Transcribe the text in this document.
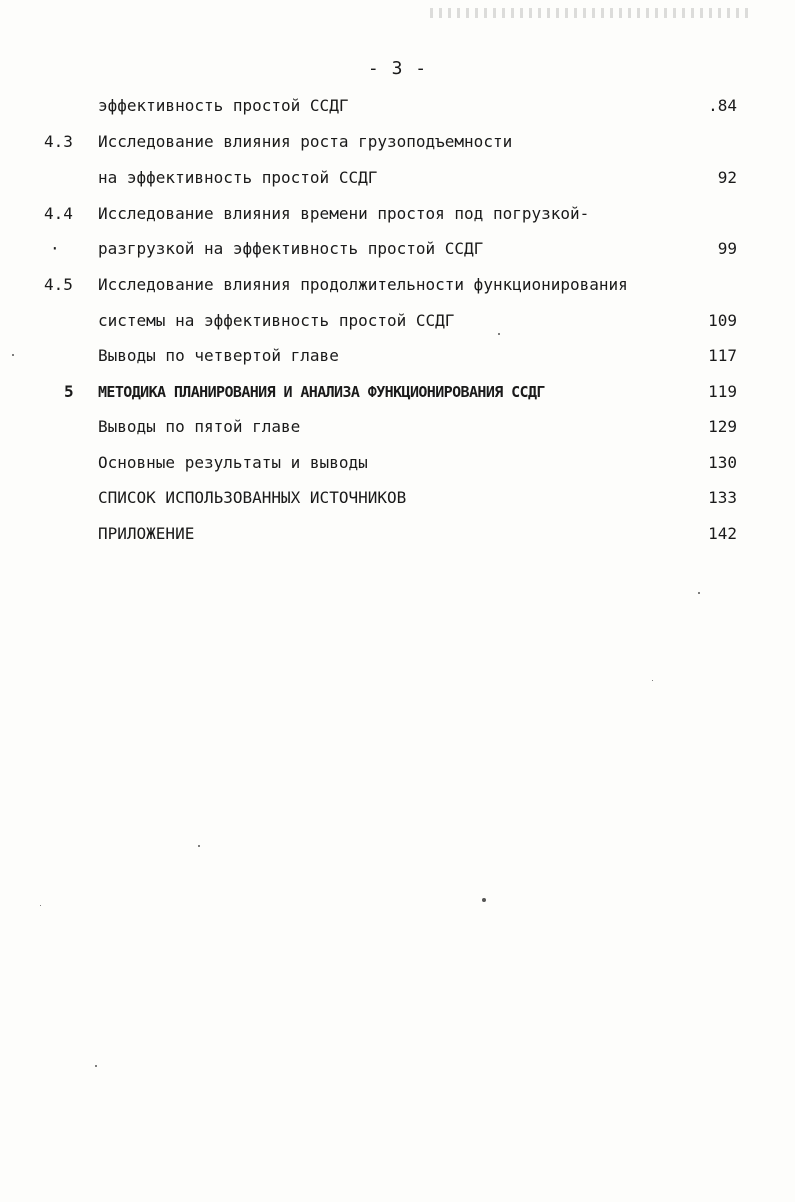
- 3 -
эффективность простой ССДГ	.84
4.3	Исследование влияния роста грузоподъемности
на эффективность простой ССДГ	92
4.4	Исследование влияния времени простоя под погрузкой-
·	разгрузкой на эффективность простой ССДГ	99
4.5	Исследование влияния продолжительности функционирования
системы на эффективность простой ССДГ	109
Выводы по четвертой главе	117
5	МЕТОДИКА ПЛАНИРОВАНИЯ И АНАЛИЗА ФУНКЦИОНИРОВАНИЯ ССДГ	119
Выводы по пятой главе	129
Основные результаты и выводы	130
СПИСОК ИСПОЛЬЗОВАННЫХ ИСТОЧНИКОВ	133
ПРИЛОЖЕНИЕ	142
